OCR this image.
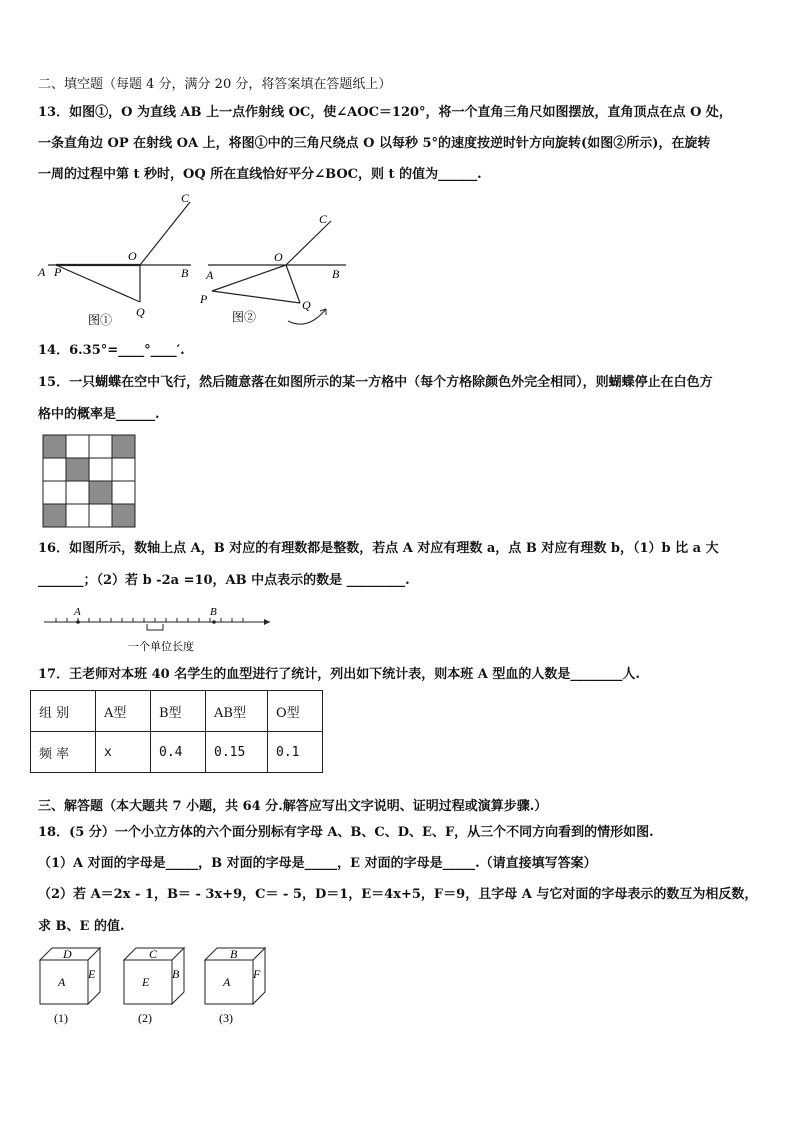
二、填空题（每题 4 分，满分 20 分，将答案填在答题纸上）
13．如图①，O 为直线 AB 上一点作射线 OC，使∠AOC＝120°，将一个直角三角尺如图摆放，直角顶点在点 O 处，
一条直角边 OP 在射线 OA 上，将图①中的三角尺绕点 O 以每秒 5°的速度按逆时针方向旋转(如图②所示)，在旋转
一周的过程中第 t 秒时，OQ 所在直线恰好平分∠BOC，则 t 的值为______.
A P
O
B
C
Q
图①
A
P
O
B
C
Q
图②
14．6.35°=____°____′.
15．一只蝴蝶在空中飞行，然后随意落在如图所示的某一方格中（每个方格除颜色外完全相同），则蝴蝶停止在白色方
格中的概率是______.
16．如图所示，数轴上点 A，B 对应的有理数都是整数，若点 A 对应有理数 a，点 B 对应有理数 b，（1）b 比 a 大
_______；（2）若 b -2a =10，AB 中点表示的数是 _________.
A	B
一个单位长度
17．王老师对本班 40 名学生的血型进行了统计，列出如下统计表，则本班 A 型血的人数是________人.
组 别	A型	B型	AB型	O型
频 率	x	0.4	0.15	0.1
三、解答题（本大题共 7 小题，共 64 分.解答应写出文字说明、证明过程或演算步骤.）
18．(5 分）一个小立方体的六个面分别标有字母 A、B、C、D、E、F，从三个不同方向看到的情形如图.
（1）A 对面的字母是_____，B 对面的字母是_____，E 对面的字母是_____.（请直接填写答案）
（2）若 A＝2x - 1，B＝ - 3x+9，C＝ - 5，D＝1，E＝4x+5，F＝9，且字母 A 与它对面的字母表示的数互为相反数，
求 B、E 的值.
D
A
E
(1)
C
E
B
(2)
B
A
F
(3)
